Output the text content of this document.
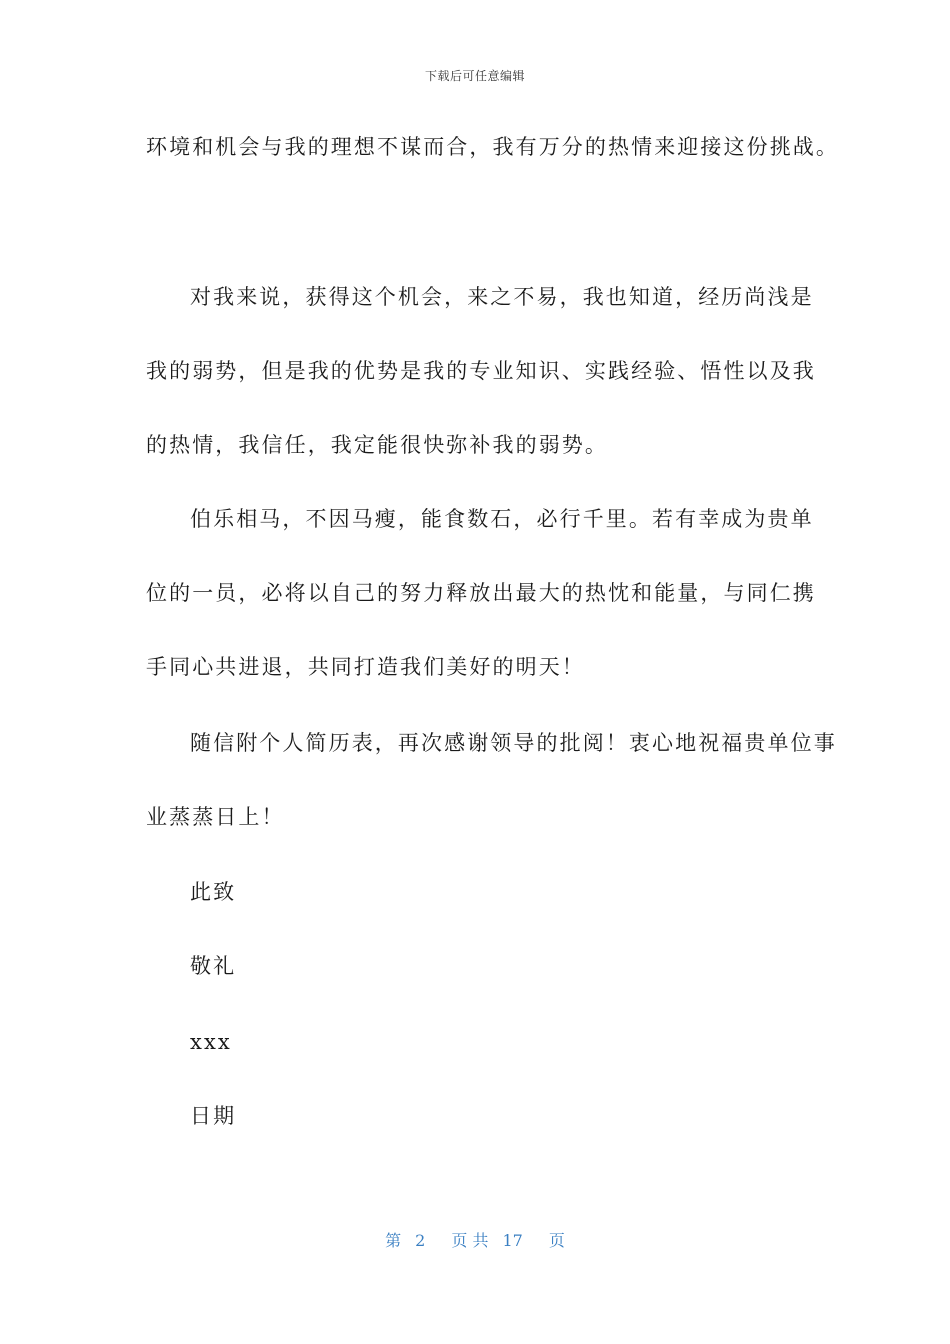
下载后可任意编辑
环境和机会与我的理想不谋而合，我有万分的热情来迎接这份挑战。
对我来说，获得这个机会，来之不易，我也知道，经历尚浅是
我的弱势，但是我的优势是我的专业知识、实践经验、悟性以及我
的热情，我信任，我定能很快弥补我的弱势。
伯乐相马，不因马瘦，能食数石，必行千里。若有幸成为贵单
位的一员，必将以自己的努力释放出最大的热忱和能量，与同仁携
手同心共进退，共同打造我们美好的明天！
随信附个人简历表，再次感谢领导的批阅！衷心地祝福贵单位事
业蒸蒸日上！
此致
敬礼
xxx
日期
第 2 页 共 17 页
